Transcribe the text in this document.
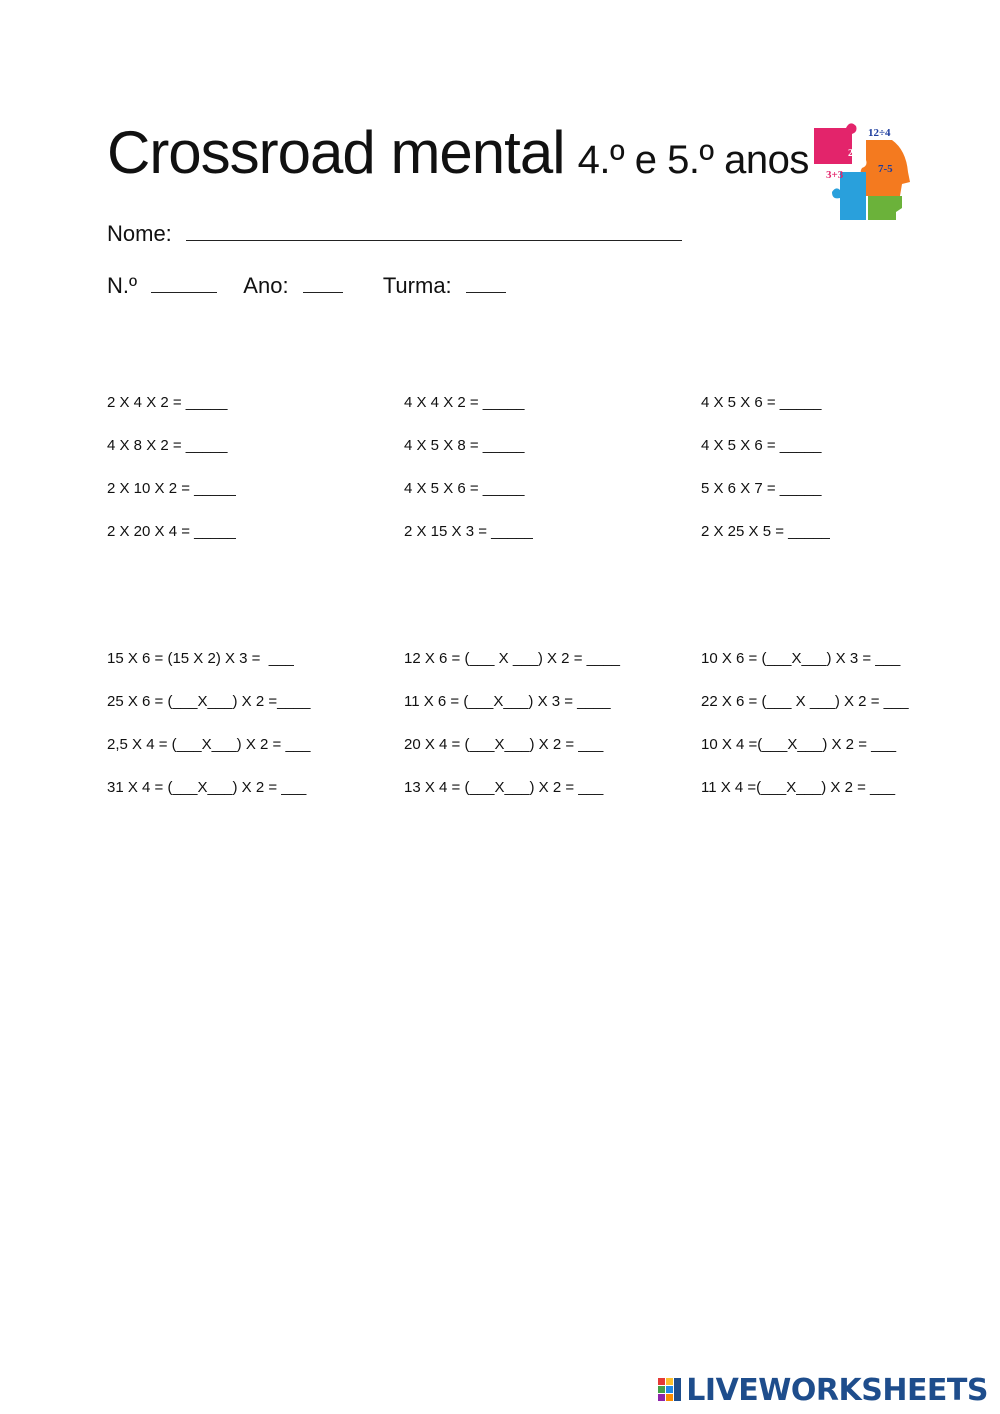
Crossroad mental 4.º e 5.º anos
12÷4
2×6
7-5
3+3
Nome:
N.º	Ano:	Turma:
2 X 4 X 2 = _____
4 X 8 X 2 = _____
2 X 10 X 2 = _____
2 X 20 X 4 = _____
4 X 4 X 2 = _____
4 X 5 X 8 = _____
4 X 5 X 6 = _____
2 X 15 X 3 = _____
4 X 5 X 6 = _____
4 X 5 X 6 = _____
5 X 6 X 7 = _____
2 X 25 X 5 = _____
15 X 6 = (15 X 2) X 3 =  ___
25 X 6 = (___X___) X 2 =____
2,5 X 4 = (___X___) X 2 = ___
31 X 4 = (___X___) X 2 = ___
12 X 6 = (___ X ___) X 2 = ____
11 X 6 = (___X___) X 3 = ____
20 X 4 = (___X___) X 2 = ___
13 X 4 = (___X___) X 2 = ___
10 X 6 = (___X___) X 3 = ___
22 X 6 = (___ X ___) X 2 = ___
10 X 4 =(___X___) X 2 = ___
11 X 4 =(___X___) X 2 = ___
LIVEWORKSHEETS
